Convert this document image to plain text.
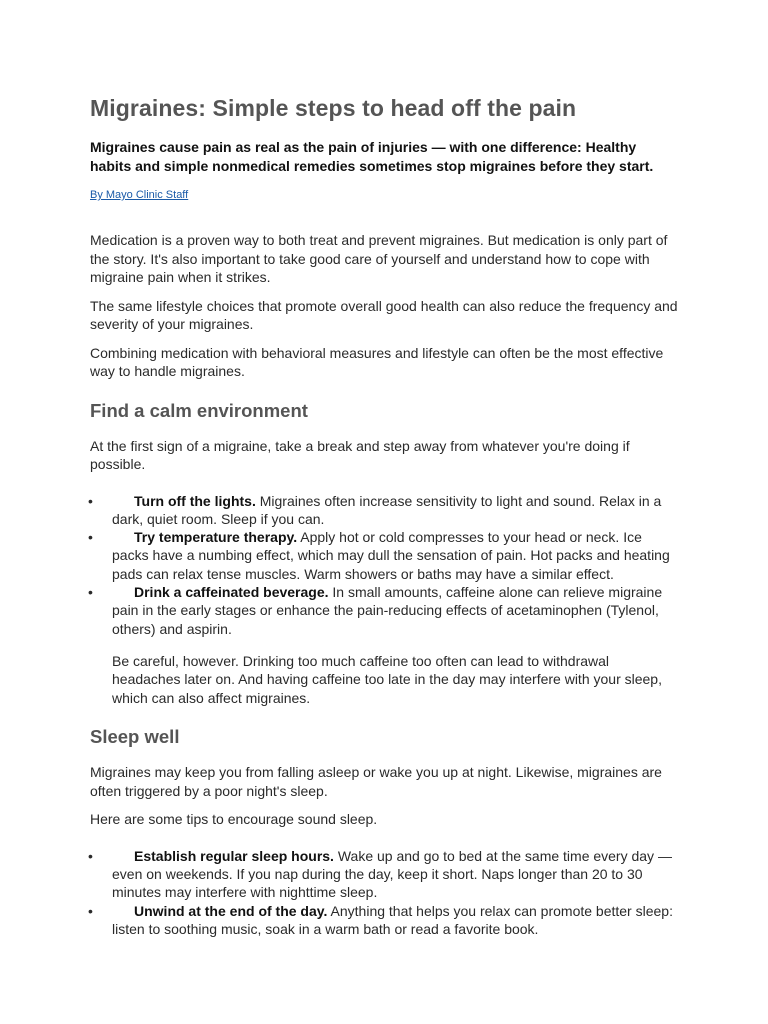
Migraines: Simple steps to head off the pain

Migraines cause pain as real as the pain of injuries — with one difference: Healthy habits and simple nonmedical remedies sometimes stop migraines before they start.

By Mayo Clinic Staff

Medication is a proven way to both treat and prevent migraines. But medication is only part of the story. It's also important to take good care of yourself and understand how to cope with migraine pain when it strikes.

The same lifestyle choices that promote overall good health can also reduce the frequency and severity of your migraines.

Combining medication with behavioral measures and lifestyle can often be the most effective way to handle migraines.

Find a calm environment

At the first sign of a migraine, take a break and step away from whatever you're doing if possible.

•	Turn off the lights. Migraines often increase sensitivity to light and sound. Relax in a dark, quiet room. Sleep if you can.
•	Try temperature therapy. Apply hot or cold compresses to your head or neck. Ice packs have a numbing effect, which may dull the sensation of pain. Hot packs and heating pads can relax tense muscles. Warm showers or baths may have a similar effect.
•	Drink a caffeinated beverage. In small amounts, caffeine alone can relieve migraine pain in the early stages or enhance the pain-reducing effects of acetaminophen (Tylenol, others) and aspirin.

Be careful, however. Drinking too much caffeine too often can lead to withdrawal headaches later on. And having caffeine too late in the day may interfere with your sleep, which can also affect migraines.

Sleep well

Migraines may keep you from falling asleep or wake you up at night. Likewise, migraines are often triggered by a poor night's sleep.

Here are some tips to encourage sound sleep.

•	Establish regular sleep hours. Wake up and go to bed at the same time every day — even on weekends. If you nap during the day, keep it short. Naps longer than 20 to 30 minutes may interfere with nighttime sleep.
•	Unwind at the end of the day. Anything that helps you relax can promote better sleep: listen to soothing music, soak in a warm bath or read a favorite book.
